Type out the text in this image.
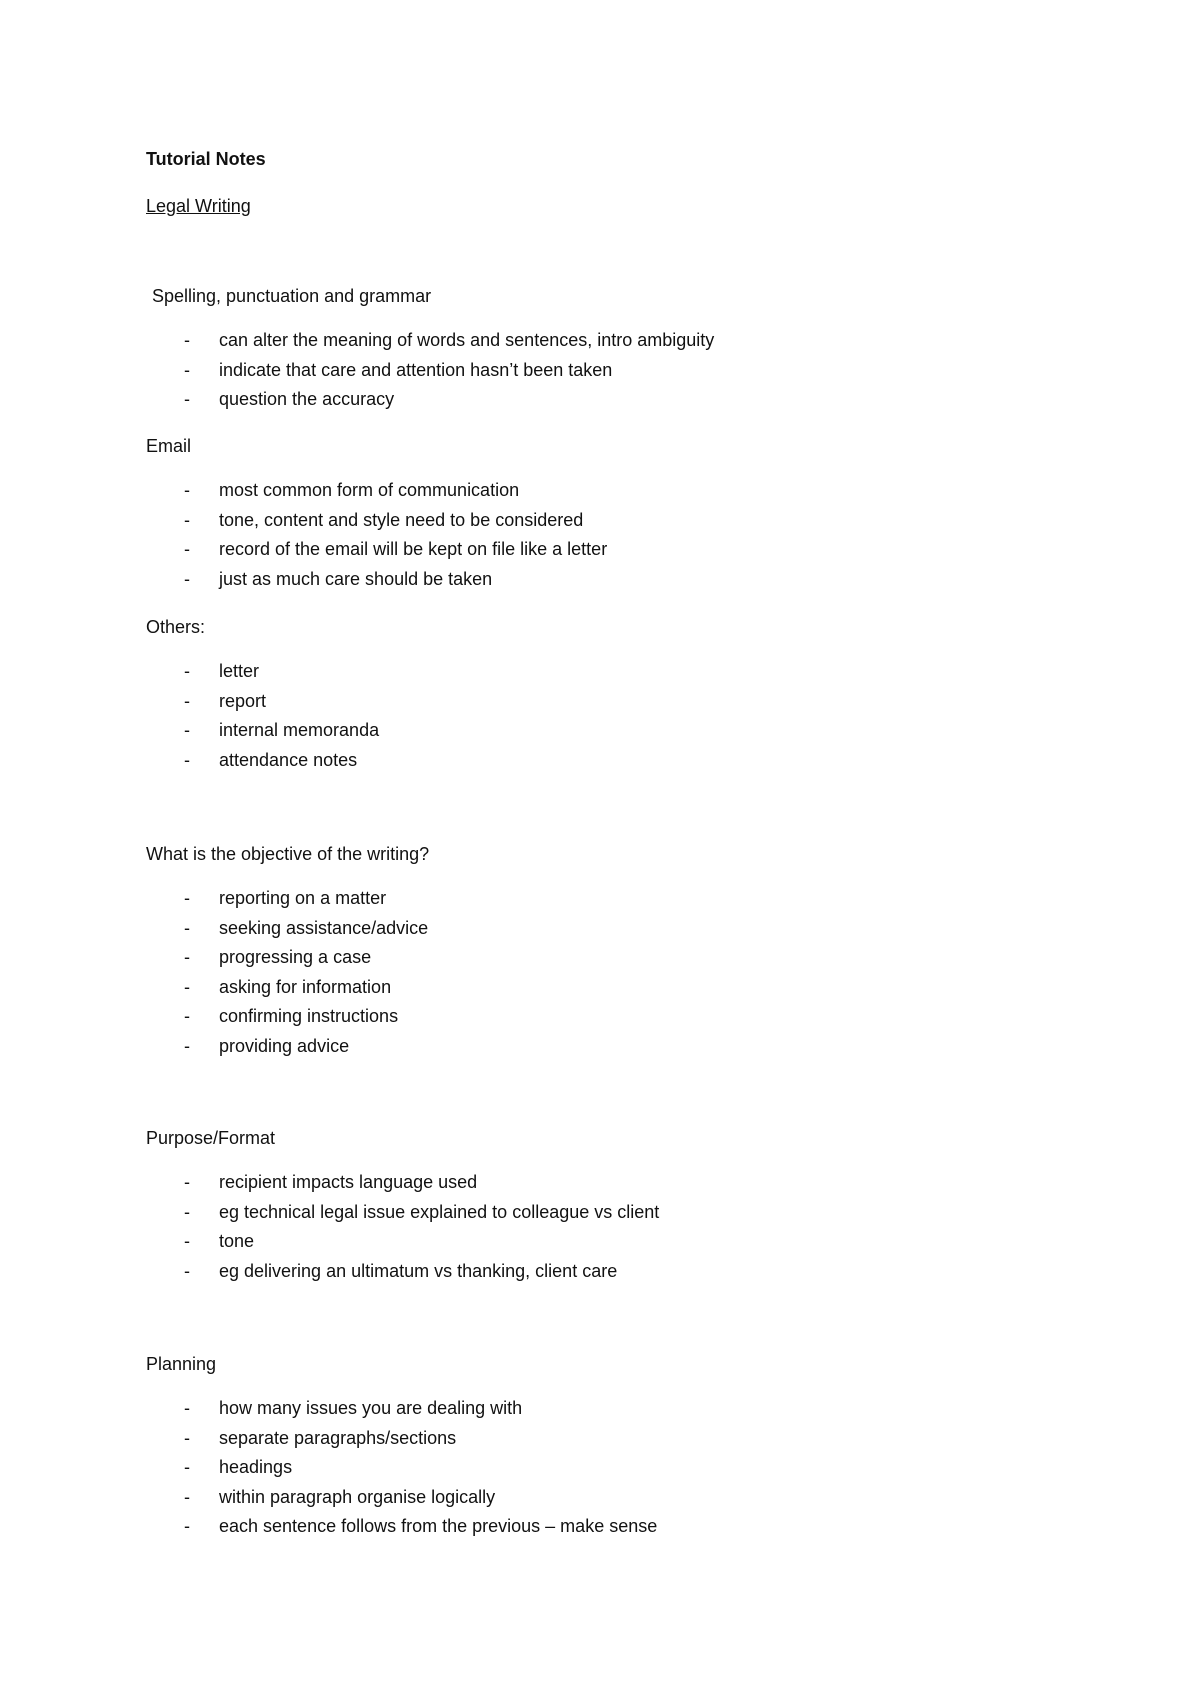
Tutorial Notes

Legal Writing

Spelling, punctuation and grammar

- can alter the meaning of words and sentences, intro ambiguity
- indicate that care and attention hasn’t been taken
- question the accuracy

Email

- most common form of communication
- tone, content and style need to be considered
- record of the email will be kept on file like a letter
- just as much care should be taken

Others:

- letter
- report
- internal memoranda
- attendance notes

What is the objective of the writing?

- reporting on a matter
- seeking assistance/advice
- progressing a case
- asking for information
- confirming instructions
- providing advice

Purpose/Format

- recipient impacts language used
- eg technical legal issue explained to colleague vs client
- tone
- eg delivering an ultimatum vs thanking, client care

Planning

- how many issues you are dealing with
- separate paragraphs/sections
- headings
- within paragraph organise logically
- each sentence follows from the previous – make sense
